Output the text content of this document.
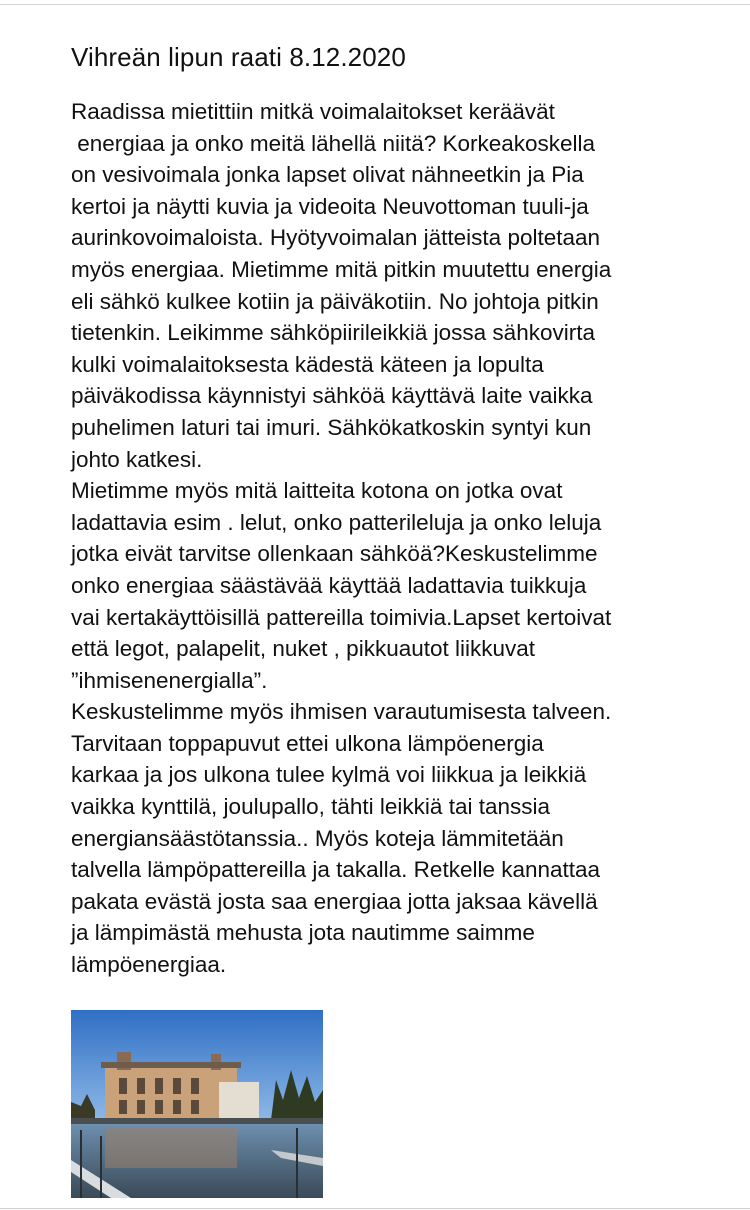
Vihreän lipun raati 8.12.2020

Raadissa mietittiin mitkä voimalaitokset keräävät
energiaa ja onko meitä lähellä niitä? Korkeakoskella
on vesivoimala jonka lapset olivat nähneetkin ja Pia
kertoi ja näytti kuvia ja videoita Neuvottoman tuuli-ja
aurinkovoimaloista. Hyötyvoimalan jätteista poltetaan
myös energiaa. Mietimme mitä pitkin muutettu energia
eli sähkö kulkee kotiin ja päiväkotiin. No johtoja pitkin
tietenkin. Leikimme sähköpiirileikkiä jossa sähkovirta
kulki voimalaitoksesta kädestä käteen ja lopulta
päiväkodissa käynnistyi sähköä käyttävä laite vaikka
puhelimen laturi tai imuri. Sähkökatkoskin syntyi kun
johto katkesi.

Mietimme myös mitä laitteita kotona on jotka ovat
ladattavia esim . lelut, onko patterileluja ja onko leluja
jotka eivät tarvitse ollenkaan sähköä?Keskustelimme
onko energiaa säästävää käyttää ladattavia tuikkuja
vai kertakäyttöisillä pattereilla toimivia.Lapset kertoivat
että legot, palapelit, nuket , pikkuautot liikkuvat
”ihmisenenergialla”.

Keskustelimme myös ihmisen varautumisesta talveen.
Tarvitaan toppapuvut ettei ulkona lämpöenergia
karkaa ja jos ulkona tulee kylmä voi liikkua ja leikkiä
vaikka kynttilä, joulupallo, tähti leikkiä tai tanssia
energiansäästötanssia.. Myös koteja lämmitetään
talvella lämpöpattereilla ja takalla. Retkelle kannattaa
pakata evästä josta saa energiaa jotta jaksaa kävellä
ja lämpimästä mehusta jota nautimme saimme
lämpöenergiaa.
